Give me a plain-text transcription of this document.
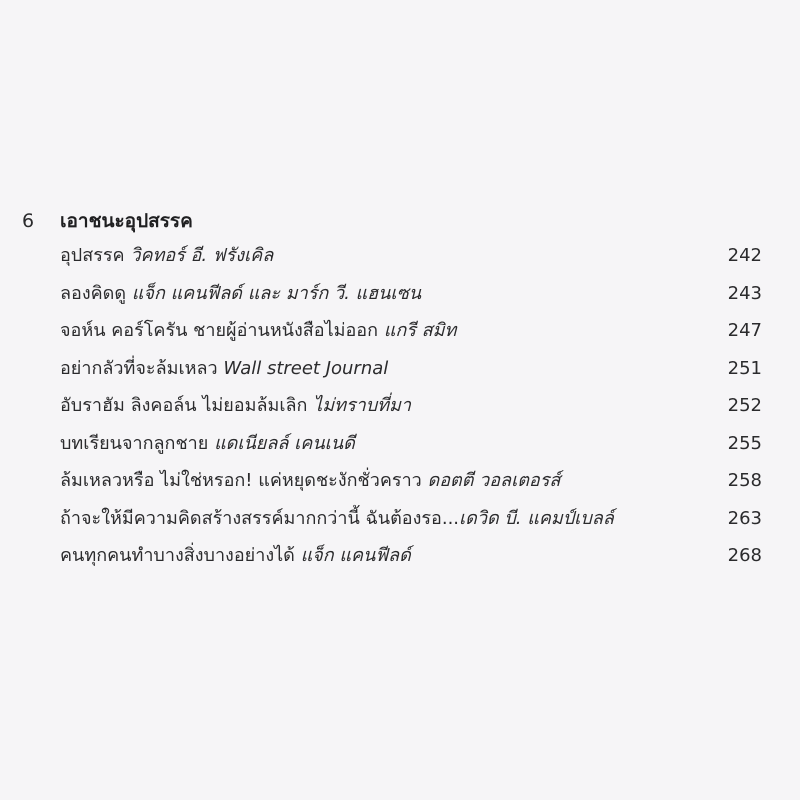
6	เอาชนะอุปสรรค
อุปสรรค วิคทอร์ อี. ฟรังเคิล	242
ลองคิดดู แจ็ก แคนฟีลด์ และ มาร์ก วี. แฮนเซน	243
จอห์น คอร์โครัน ชายผู้อ่านหนังสือไม่ออก แกรี สมิท	247
อย่ากลัวที่จะล้มเหลว Wall street Journal	251
อับราฮัม ลิงคอล์น ไม่ยอมล้มเลิก ไม่ทราบที่มา	252
บทเรียนจากลูกชาย แดเนียลล์ เคนเนดี	255
ล้มเหลวหรือ ไม่ใช่หรอก! แค่หยุดชะงักชั่วคราว ดอตตี วอลเตอรส์	258
ถ้าจะให้มีความคิดสร้างสรรค์มากกว่านี้ ฉันต้องรอ...เดวิด บี. แคมป์เบลล์	263
คนทุกคนทำบางสิ่งบางอย่างได้ แจ็ก แคนฟีลด์	268
